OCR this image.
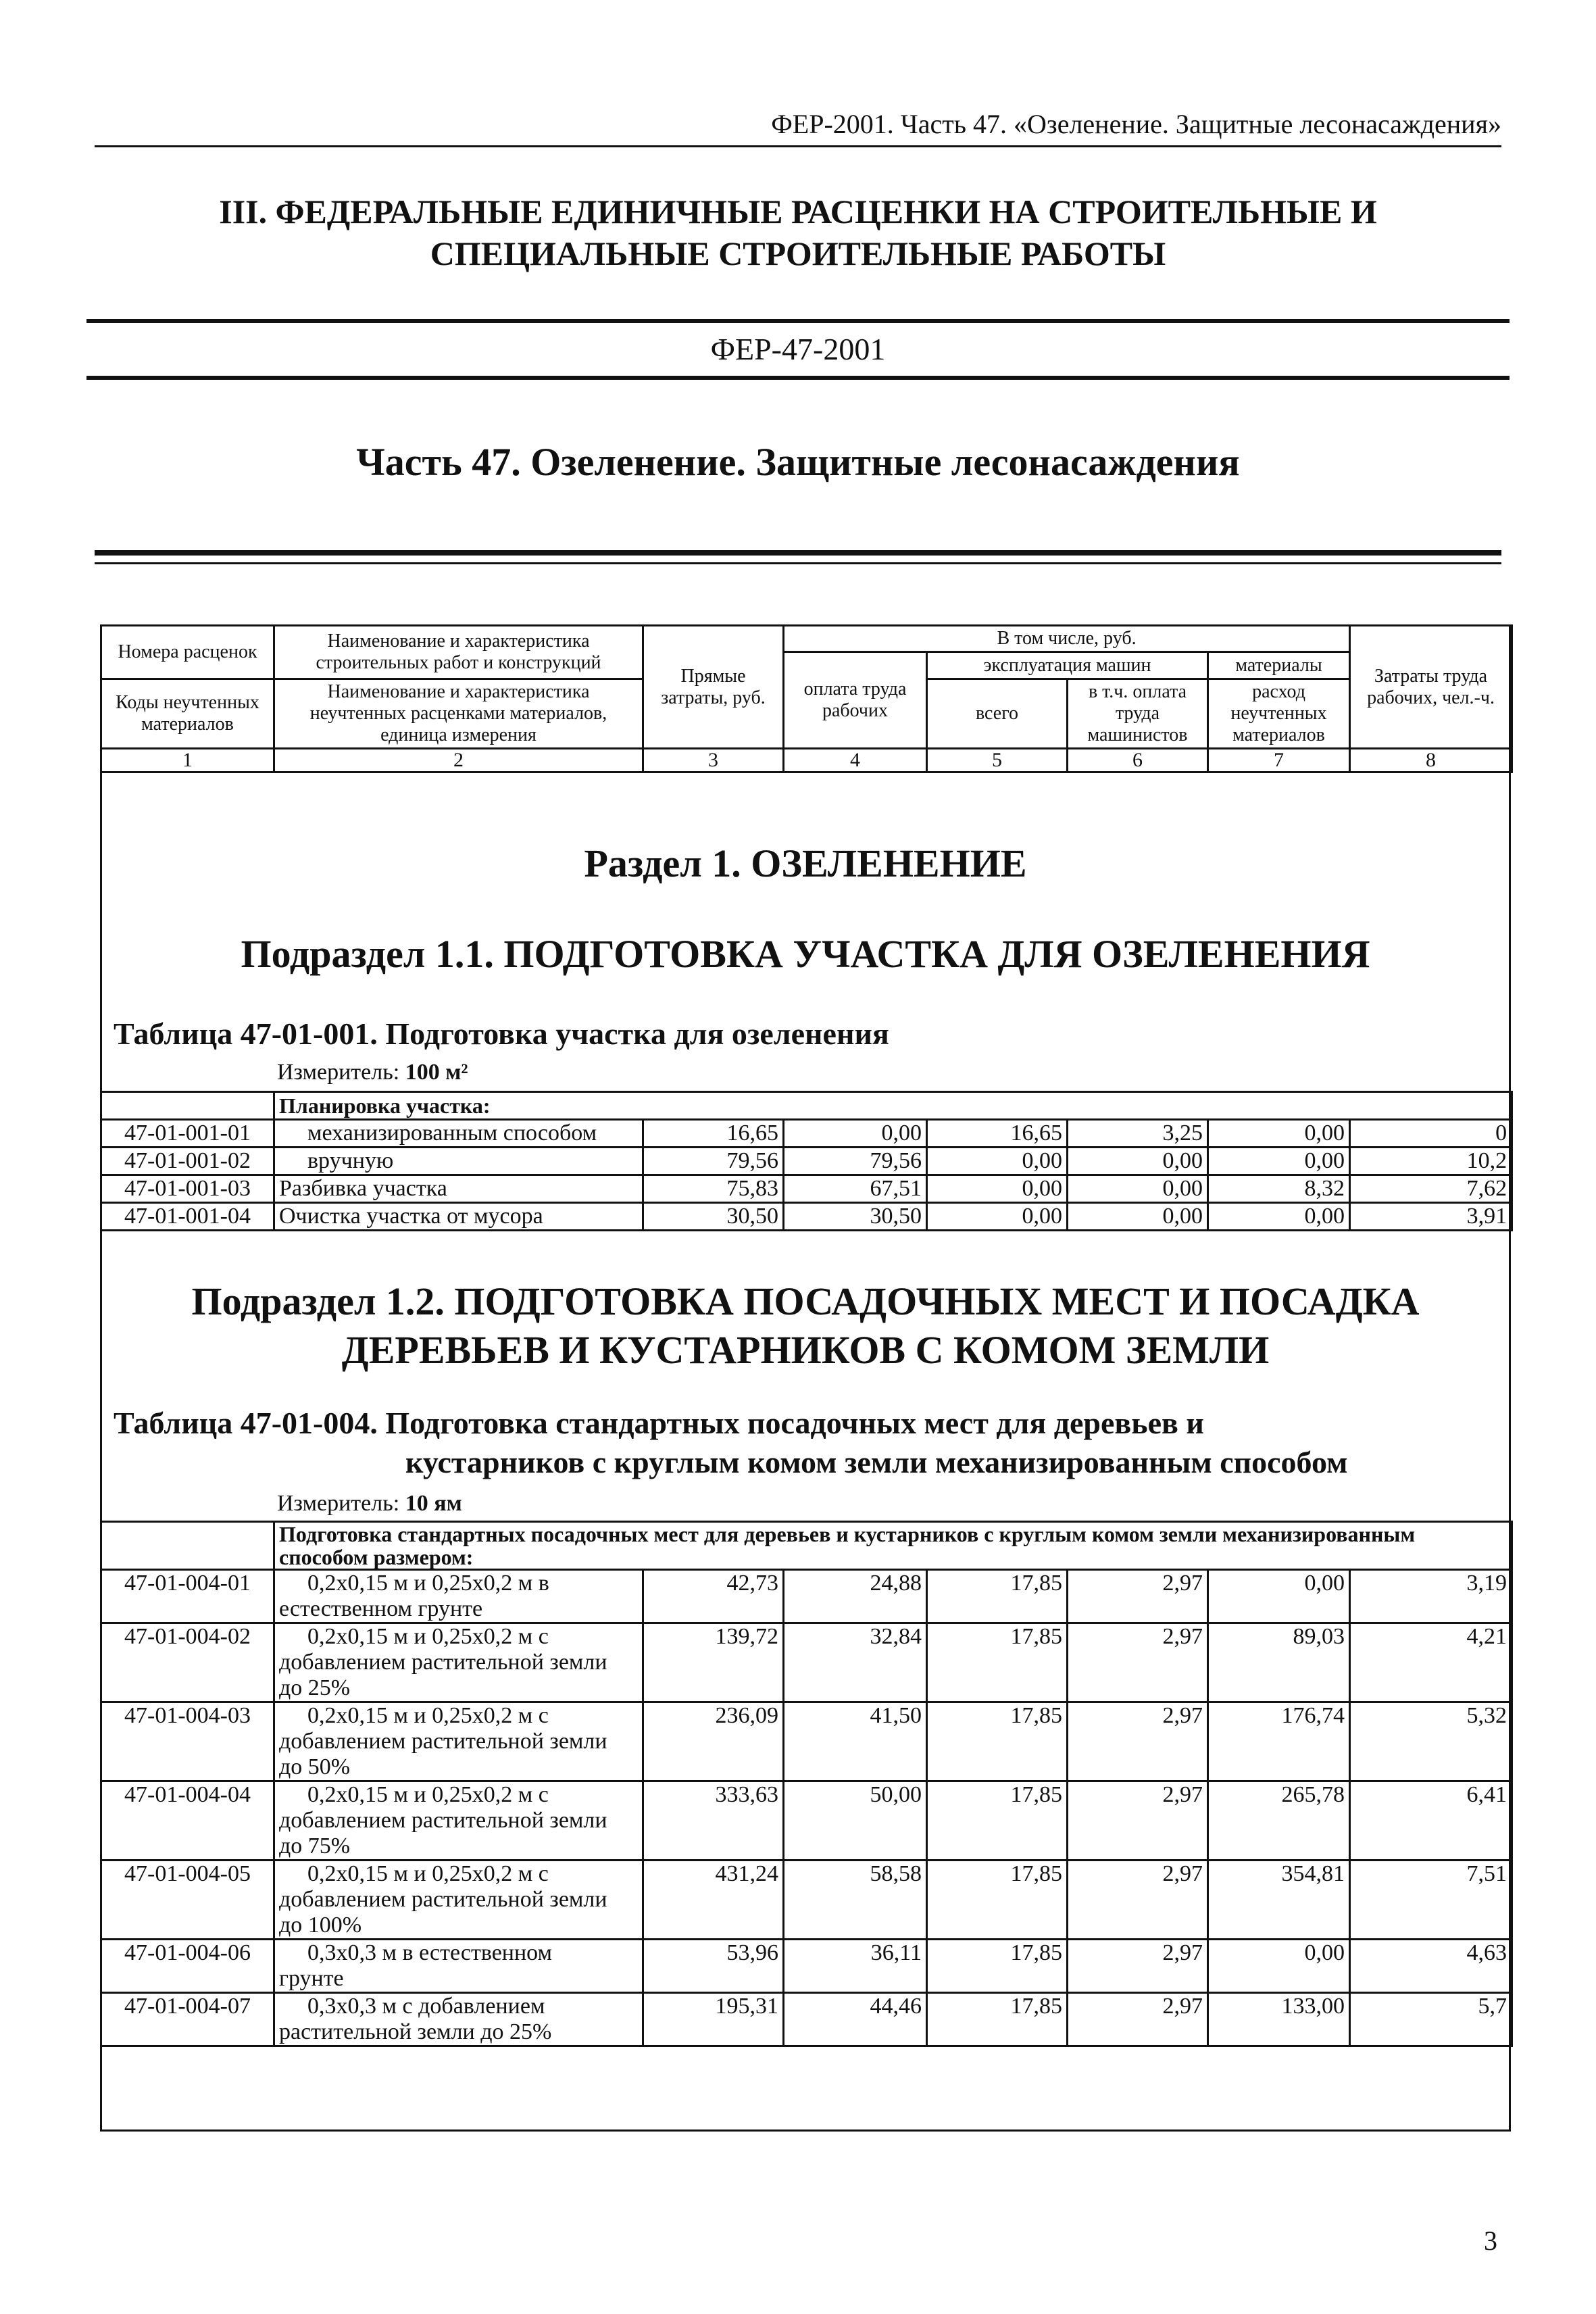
ФЕР-2001. Часть 47. «Озеленение. Защитные лесонасаждения»
III. ФЕДЕРАЛЬНЫЕ ЕДИНИЧНЫЕ РАСЦЕНКИ НА СТРОИТЕЛЬНЫЕ И
СПЕЦИАЛЬНЫЕ СТРОИТЕЛЬНЫЕ РАБОТЫ
ФЕР-47-2001
Часть 47. Озеленение. Защитные лесонасаждения
Номера расценок	Наименование и характеристика строительных работ и конструкций	Прямые затраты, руб.	В том числе, руб.				Затраты труда рабочих, чел.-ч.
			оплата труда рабочих	эксплуатация машин		материалы	
Коды неучтенных материалов	Наименование и характеристика неучтенных расценками материалов, единица измерения			всего	в т.ч. оплата труда машинистов	расход неучтенных материалов	

1	2	3	4	5	6	7	8
Раздел 1. ОЗЕЛЕНЕНИЕ
Подраздел 1.1. ПОДГОТОВКА УЧАСТКА ДЛЯ ОЗЕЛЕНЕНИЯ
Таблица 47-01-001. Подготовка участка для озеленения
Измеритель: 100 м²
	Планировка участка:						
47-01-001-01	механизированным способом	16,65	0,00	16,65	3,25	0,00	0
47-01-001-02	вручную	79,56	79,56	0,00	0,00	0,00	10,2
47-01-001-03	Разбивка участка	75,83	67,51	0,00	0,00	8,32	7,62
47-01-001-04	Очистка участка от мусора	30,50	30,50	0,00	0,00	0,00	3,91
Подраздел 1.2. ПОДГОТОВКА ПОСАДОЧНЫХ МЕСТ И ПОСАДКА
ДЕРЕВЬЕВ И КУСТАРНИКОВ С КОМОМ ЗЕМЛИ
Таблица 47-01-004. Подготовка стандартных посадочных мест для деревьев и
кустарников с круглым комом земли механизированным способом
Измеритель: 10 ям
	Подготовка стандартных посадочных мест для деревьев и кустарников с круглым комом земли механизированным способом размером:						
47-01-004-01	0,2х0,15 м и 0,25х0,2 м в
естественном грунте	42,73	24,88	17,85	2,97	0,00	3,19
47-01-004-02	0,2х0,15 м и 0,25х0,2 м с
добавлением растительной земли
до 25%	139,72	32,84	17,85	2,97	89,03	4,21
47-01-004-03	0,2х0,15 м и 0,25х0,2 м с
добавлением растительной земли
до 50%	236,09	41,50	17,85	2,97	176,74	5,32
47-01-004-04	0,2х0,15 м и 0,25х0,2 м с
добавлением растительной земли
до 75%	333,63	50,00	17,85	2,97	265,78	6,41
47-01-004-05	0,2х0,15 м и 0,25х0,2 м с
добавлением растительной земли
до 100%	431,24	58,58	17,85	2,97	354,81	7,51
47-01-004-06	0,3х0,3 м в естественном
грунте	53,96	36,11	17,85	2,97	0,00	4,63
47-01-004-07	0,3х0,3 м с добавлением
растительной земли до 25%	195,31	44,46	17,85	2,97	133,00	5,7
3
